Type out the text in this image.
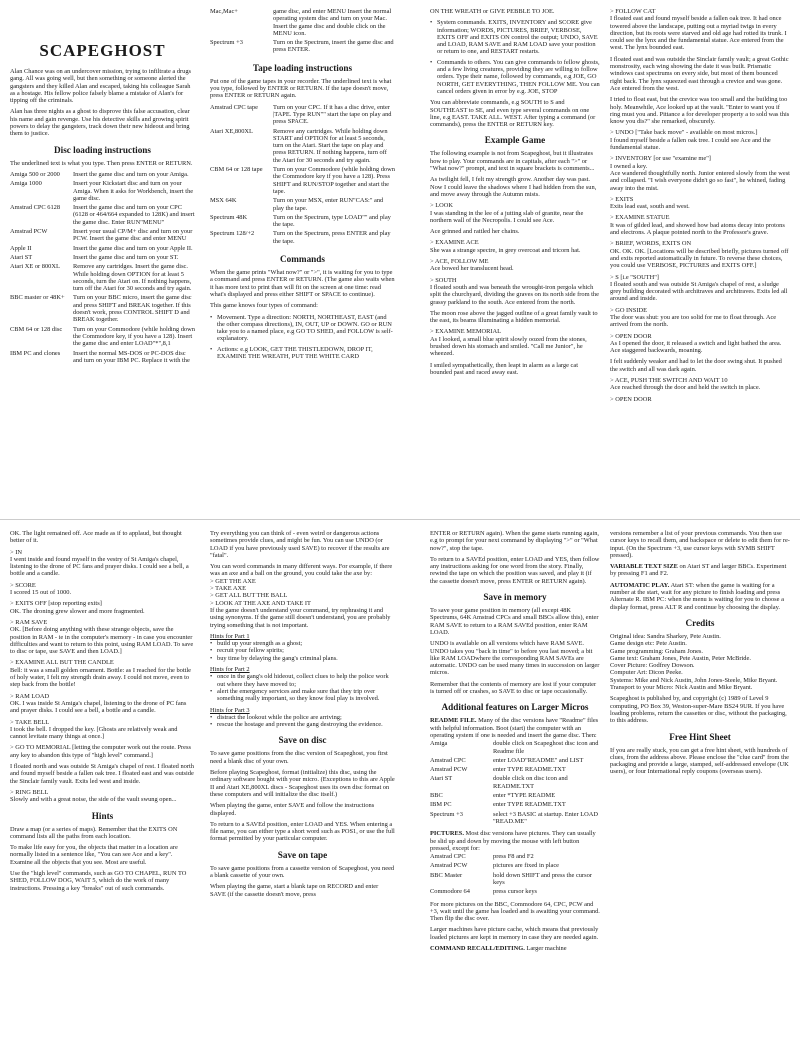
SCAPEGHOST

Alan Chance was on an undercover mission, trying to infiltrate a drugs gang. All was going well, but then something or someone alerted the gangsters and they killed Alan and escaped, taking his colleague Sarah as a hostage. His fellow police falsely blame a mistake of Alan's for tipping off the criminals.

Alan has three nights as a ghost to disprove this false accusation, clear his name and gain revenge. Use his detective skills and growing spirit powers to delay the gangsters, track down their new hideout and bring them to justice.

Disc loading instructions

The underlined text is what you type. Then press ENTER or RETURN.

Amiga 500 or 2000	Insert the game disc and turn on your Amiga.
Amiga 1000	Insert your Kickstart disc and turn on your Amiga. When it asks for Workbench, insert the game disc.
Amstrad CPC 6128	Insert the game disc and turn on your CPC (6128 or 464/664 expanded to 128K) and insert the game disc. Enter RUN"MENU"
Amstrad PCW	Insert your usual CP/M+ disc and turn on your PCW. Insert the game disc and enter MENU
Apple II	Insert the game disc and turn on your Apple II.
Atari ST	Insert the game disc and turn on your ST.
Atari XE or 800XL	Remove any cartridges. Insert the game disc. While holding down OPTION for at least 5 seconds, turn the Atari on. If nothing happens, turn off the Atari for 30 seconds and try again.
BBC master or 48K+	Turn on your BBC micro, insert the game disc and press SHIFT and BREAK together. If this doesn't work, press CONTROL SHIFT D and BREAK together.
CBM 64 or 128 disc	Turn on your Commodore (while holding down the Commodore key, if you have a 128). Insert the game disc and enter LOAD"*",8,1
IBM PC and clones	Insert the normal MS-DOS or PC-DOS disc and turn on your IBM PC. Replace it with the
Mac,Mac+	game disc, and enter MENU Insert the normal operating system disc and turn on your Mac. Insert the game disc and double click on the MENU icon.
Spectrum +3	Turn on the Spectrum, insert the game disc and press ENTER.
Tape loading instructions

Put one of the game tapes in your recorder. The underlined text is what you type, followed by ENTER or RETURN. If the tape doesn't move, press ENTER or RETURN again.

Amstrad CPC tape	Turn on your CPC. If it has a disc drive, enter |TAPE. Type RUN"" start the tape on play and press SPACE.
Atari XE,800XL	Remove any cartridges. While holding down START and OPTION for at least 5 seconds, turn on the Atari. Start the tape on play and press RETURN. If nothing happens, turn off the Atari for 30 seconds and try again.
CBM 64 or 128 tape	Turn on your Commodore (while holding down the Commodore key if you have a 128). Press SHIFT and RUN/STOP together and start the tape.
MSX 64K	Turn on your MSX, enter RUN"CAS:" and play the tape.
Spectrum 48K	Turn on the Spectrum, type LOAD"" and play the tape.
Spectrum 128/+2	Turn on the Spectrum, press ENTER and play the tape.
Commands

When the game prints "What now?" or ">", it is waiting for you to type a command and press ENTER or RETURN. (The game also waits when it has more text to print than will fit on the screen at one time: read what's displayed and press either SHIFT or SPACE to continue).

This game knows four types of command:

• Movement. Type a direction: NORTH, NORTHEAST, EAST (and the other compass directions), IN, OUT, UP or DOWN. GO or RUN take you to a named place, e.g GO TO SHED, and FOLLOW is self-explanatory.
• Actions: e.g LOOK, GET THE THISTLEDOWN, DROP IT, EXAMINE THE WREATH, PUT THE WHITE CARD

ON THE WREATH or GIVE PEBBLE TO JOE.

• System commands. EXITS, INVENTORY and SCORE give information; WORDS, PICTURES, BRIEF, VERBOSE, EXITS OFF and EXITS ON control the output; UNDO, SAVE and LOAD, RAM SAVE and RAM LOAD save your position or return to one, and RESTART restarts.
• Commands to others. You can give commands to fellow ghosts, and a few living creatures, providing they are willing to follow orders. Type their name, followed by commands, e.g JOE, GO NORTH, GET EVERYTHING, THEN FOLLOW ME. You can cancel orders given in error by e.g. JOE, STOP

You can abbreviate commands, e.g SOUTH to S and SOUTHEAST to SE, and even type several commands on one line, e.g EAST. TAKE ALL. WEST. After typing a command (or commands), press the ENTER or RETURN key.

Example Game

The following example is not from Scapeghost, but it illustrates how to play. Your commands are in capitals, after each ">" or "What now?" prompt, and text in square brackets is comments...

As twilight fell, I felt my strength grow. Another day was past. Now I could leave the shadows where I had hidden from the sun, and move away through the Autumn mists.

> LOOK

I was standing in the lee of a jutting slab of granite, near the northern wall of the Necropolis. I could see Ace.

Ace grinned and rattled her chains.

> EXAMINE ACE

She was a strange spectre, in grey overcoat and tricorn hat.

> ACE, FOLLOW ME

Ace bowed her translucent head.

> SOUTH

I floated south and was beneath the wrought-iron pergola which split the churchyard, dividing the graves on its north side from the grassy parkland to the south. Ace entered from the north.

The moon rose above the jagged outline of a great family vault to the east, its beams illuminating a hidden memorial.

> EXAMINE MEMORIAL

As I looked, a small blue spirit slowly oozed from the stones, brushed down his stomach and smiled. "Call me Junior", he wheezed.

I smiled sympathetically, then leapt in alarm as a large cat bounded past and raced away east.

> FOLLOW CAT

I floated east and found myself beside a fallen oak tree. It had once towered above the landscape, putting out a myriad twigs in every direction, but its roots were starved and old age had rotted its trunk. I could see the lynx and the fundamental statue. Ace entered from the west. The lynx bounded east.

I floated east and was outside the Sinclair family vault; a great Gothic monstrosity, each wing showing the date it was built. Prismatic windows cast spectrums on every side, but most of them bounced right back. The lynx squeezed east through a crevice and was gone. Ace entered from the west.

I tried to float east, but the crevice was too small and the building too holy. Meanwhile, Ace looked up at the vault. "Enter to want you if ring must you and. Pittance a for developer property a to sold was this know you dis?" she remarked, obscurely.

> UNDO ["Take back move" - available on most micros.]

I found myself beside a fallen oak tree. I could see Ace and the fundamental statue.

> INVENTORY [or use "examine me"]

I owned a key.

Ace wandered thoughtfully north. Junior entered slowly from the west and collapsed. "I wish everyone didn't go so fast", he whined, fading away into the mist.

> EXITS

Exits lead east, south and west.

> EXAMINE STATUE

It was of gilded lead, and showed how bad atoms decay into protons and electrons. A plaque pointed north to the Professor's grave.

> BRIEF, WORDS, EXITS ON

OK. OK. OK. [Locations will be described briefly, pictures turned off and exits reported automatically in future. To reverse these choices, you could use VERBOSE, PICTURES and EXITS OFF.]

> S [i.e "SOUTH"]

I floated south and was outside St Amiga's chapel of rest, a sludge grey building decorated with architraves and architraves. Exits led all around and inside.

> GO INSIDE

The door was shut: you are too solid for me to float through. Ace arrived from the north.

> OPEN DOOR

As I opened the door, it released a switch and light bathed the area. Ace staggered backwards, moaning.

I felt suddenly weaker and had to let the door swing shut. It pushed the switch and all was dark again.

> ACE, PUSH THE SWITCH AND WAIT 10

Ace reached through the door and held the switch in place.

> OPEN DOOR

OK. The light remained off. Ace made as if to applaud, but thought better of it.

> IN

I went inside and found myself in the vestry of St Amiga's chapel, listening to the drone of PC fans and prayer disks. I could see a bell, a bottle and a candle.

> SCORE

I scored 15 out of 1000.

> EXITS OFF [stop reporting exits]

OK. The droning grew slower and more fragmented.

> RAM SAVE

OK. [Before doing anything with these strange objects, save the position in RAM - ie in the computer's memory - in case you encounter difficulties and want to return to this point, using RAM LOAD. To save to disc or tape, use SAVE and then LOAD.]

> EXAMINE ALL BUT THE CANDLE

Bell: it was a small golden ornament. Bottle: as I reached for the bottle of holy water, I felt my strength drain away. I could not move, even to step back from the bottle!

> RAM LOAD

OK. I was inside St Amiga's chapel, listening to the drone of PC fans and prayer disks. I could see a bell, a bottle and a candle.

> TAKE BELL

I took the bell. I dropped the key. [Ghosts are relatively weak and cannot levitate many things at once.]

> GO TO MEMORIAL [letting the computer work out the route. Press any key to abandon this type of "high level" command.]

I floated north and was outside St Amiga's chapel of rest. I floated north and found myself beside a fallen oak tree. I floated east and was outside the Sinclair family vault. Exits led west and inside.

> RING BELL

Slowly and with a great noise, the side of the vault swung open...

Hints

Draw a map (or a series of maps). Remember that the EXITS ON command lists all the paths from each location.

To make life easy for you, the objects that matter in a location are normally listed in a sentence like, "You can see Ace and a key". Examine all the objects that you see. Most are useful.

Use the "high level" commands, such as GO TO CHAPEL, RUN TO SHED, FOLLOW DOG, WAIT 5, which do the work of many instructions. Pressing a key "breaks" out of such commands.

Try everything you can think of - even weird or dangerous actions sometimes provide clues, and might be fun. You can use UNDO (or LOAD if you have previously used SAVE) to recover if the results are "fatal".

You can word commands in many different ways. For example, if there was an axe and a ball on the ground, you could take the axe by:

> GET THE AXE
> TAKE AXE
> GET ALL BUT THE BALL
> LOOK AT THE AXE AND TAKE IT

If the game doesn't understand your command, try rephrasing it and using synonyms. If the game still doesn't understand, you are probably trying something that is not important.

Hints for Part 1
• build up your strength as a ghost;
• recruit your fellow spirits;
• buy time by delaying the gang's criminal plans.
Hints for Part 2
• once in the gang's old hideout, collect clues to help the police work out where they have moved to;
• alert the emergency services and make sure that they trip over something really important, so they know foul play is involved.
Hints for Part 3
• distract the lookout while the police are arriving;
• rescue the hostage and prevent the gang destroying the evidence.
Save on disc

To save game positions from the disc version of Scapeghost, you first need a blank disc of your own.

Before playing Scapeghost, format (initialize) this disc, using the ordinary software bought with your micro. (Exceptions to this are Apple II and Atari XE,800XL discs - Scapeghost uses its own disc format on these computers and will initialize the disc itself.)

When playing the game, enter SAVE and follow the instructions displayed.

To return to a SAVEd position, enter LOAD and YES. When entering a file name, you can either type a short word such as POS1, or use the full format permitted by your particular computer.

Save on tape

To save game positions from a cassette version of Scapeghost, you need a blank cassette of your own.

When playing the game, start a blank tape on RECORD and enter SAVE (if the cassette doesn't move, press

ENTER or RETURN again). When the game starts running again, e.g to prompt for your next command by displaying ">" or "What now?", stop the tape.

To return to a SAVEd position, enter LOAD and YES, then follow any instructions asking for one word from the story. Finally, rewind the tape on which the position was saved, and play it (if the cassette doesn't move, press ENTER or RETURN again).

Save in memory

To save your game position in memory (all except 48K Spectrums, 64K Amstrad CPCs and small BBCs allow this), enter RAM SAVE to return to a RAM SAVEd position, enter RAM LOAD.

UNDO is available on all versions which have RAM SAVE. UNDO takes you "back in time" to before you last moved; a bit like RAM LOADwhere the corresponding RAM SAVEs are automatic. UNDO can be used many times in succession on larger micros.

Remember that the contents of memory are lost if your computer is turned off or crashes, so SAVE to disc or tape occasionally.

Additional features on Larger Micros

README FILE. Many of the disc versions have "Readme" files with helpful information. Boot (start) the computer with an operating system if one is needed and insert the game disc. Then:

Amiga	double click on Scapeghost disc icon and Readme file
Amstrad CPC	enter LOAD"README" and LIST
Amstrad PCW	enter TYPE README.TXT
Atari ST	double click on disc icon and README.TXT
BBC	enter *TYPE README
IBM PC	enter TYPE README.TXT
Spectrum +3	select +3 BASIC at startup. Enter LOAD "READ.ME"

PICTURES. Most disc versions have pictures. They can usually be slid up and down by moving the mouse with left button pressed, except for:

Amstrad CPC	press F8 and F2
Amstrad PCW	pictures are fixed in place
BBC Master	hold down SHIFT and press the cursor keys
Commodore 64	press cursor keys

For more pictures on the BBC, Commodore 64, CPC, PCW and +3, wait until the game has loaded and is awaiting your command. Then flip the disc over.

Larger machines have picture cache, which means that previously loaded pictures are kept in memory in case they are needed again.

COMMAND RECALL/EDITING. Larger machine

versions remember a list of your previous commands. You then use cursor keys to recall them, and backspace or delete to edit them for re-input. (On the Spectrum +3, use cursor keys with SYMB SHIFT pressed).

VARIABLE TEXT SIZE on Atari ST and larger BBCs. Experiment by pressing F1 and F2.

AUTOMATIC PLAY. Atari ST: when the game is waiting for a number at the start, wait for any picture to finish loading and press Alternate R. IBM PC: when the menu is waiting for you to choose a display format, press ALT R and continue by choosing the display.

Credits
Original idea: Sandra Sharkey, Pete Austin.
Game design etc: Pete Austin.
Game programming: Graham Jones.
Game text: Graham Jones, Pete Austin, Peter McBride.
Cover Picture: Godfrey Dowson.
Computer Art: Dicon Peeke.
Systems: Mike and Nick Austin, John Jones-Steele, Mike Bryant.

Transport to your Micro: Nick Austin and Mike Bryant.

Scapeghost is published by, and copyright (c) 1989 of Level 9 computing, PO Box 39, Weston-super-Mare BS24 9UR. If you have loading problems, return the cassettes or disc, without the packaging, to this address.

Free Hint Sheet

If you are really stuck, you can get a free hint sheet, with hundreds of clues, from the address above. Please enclose the "clue card" from the packaging and provide a large, stamped, self-addressed envelope (UK users), or four International reply coupons (overseas users).
